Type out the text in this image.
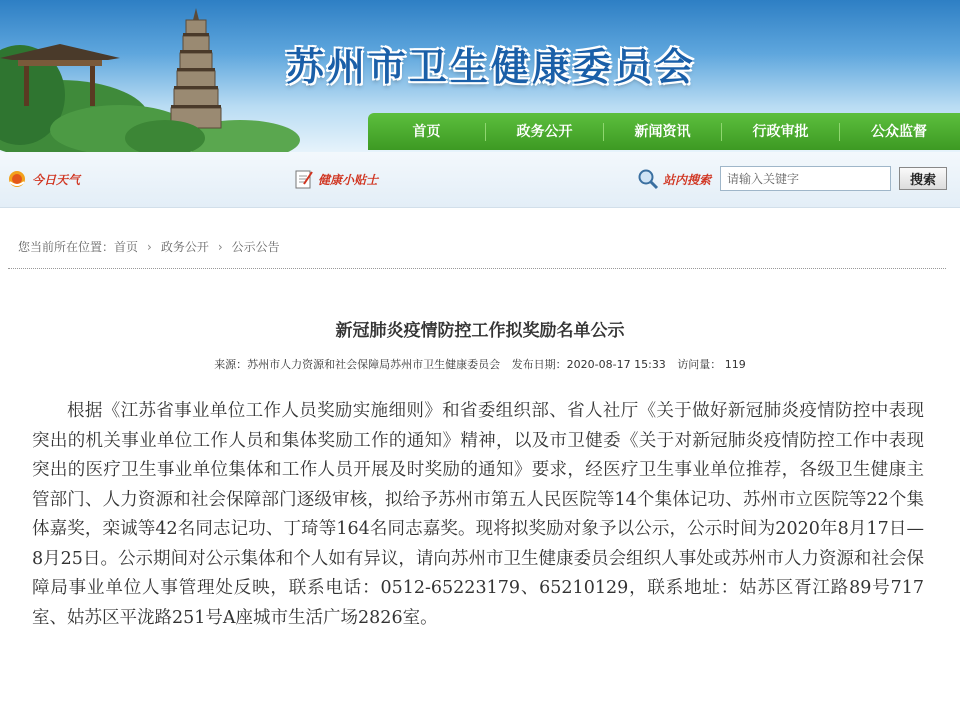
苏州市卫生健康委员会
首页	政务公开	新闻资讯	行政审批	公众监督
今日天气	健康小贴士	站内搜索
请输入关键字	搜索
您当前所在位置： 首页 › 政务公开 › 公示公告
新冠肺炎疫情防控工作拟奖励名单公示
来源：苏州市人力资源和社会保障局苏州市卫生健康委员会 发布日期：2020-08-17 15:33 访问量： 119
根据《江苏省事业单位工作人员奖励实施细则》和省委组织部、省人社厅《关于做好新冠肺炎疫情防控中表现突出的机关事业单位工作人员和集体奖励工作的通知》精神，以及市卫健委《关于对新冠肺炎疫情防控工作中表现突出的医疗卫生事业单位集体和工作人员开展及时奖励的通知》要求，经医疗卫生事业单位推荐，各级卫生健康主管部门、人力资源和社会保障部门逐级审核，拟给予苏州市第五人民医院等14个集体记功、苏州市立医院等22个集体嘉奖，栾诚等42名同志记功、丁琦等164名同志嘉奖。现将拟奖励对象予以公示，公示时间为2020年8月17日—8月25日。公示期间对公示集体和个人如有异议，请向苏州市卫生健康委员会组织人事处或苏州市人力资源和社会保障局事业单位人事管理处反映，联系电话：0512-65223179、65210129，联系地址：姑苏区胥江路89号717室、姑苏区平泷路251号A座城市生活广场2826室。
